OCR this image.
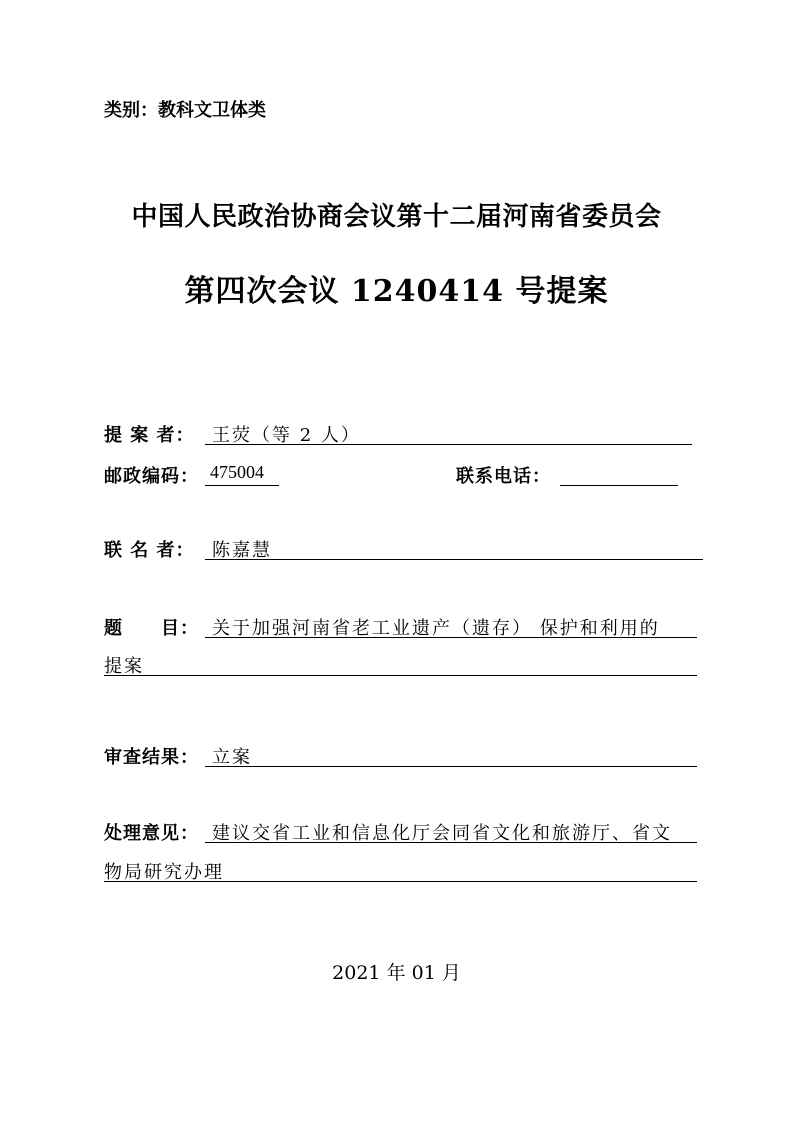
类别：教科文卫体类
中国人民政治协商会议第十二届河南省委员会
第四次会议 1240414 号提案
提 案 者： 王荧（等 2 人）
邮政编码： 475004	联系电话：
联 名 者： 陈嘉慧
题　　目： 关于加强河南省老工业遗产（遗存） 保护和利用的
提案
审查结果： 立案
处理意见： 建议交省工业和信息化厅会同省文化和旅游厅、省文
物局研究办理
2021 年 01 月
